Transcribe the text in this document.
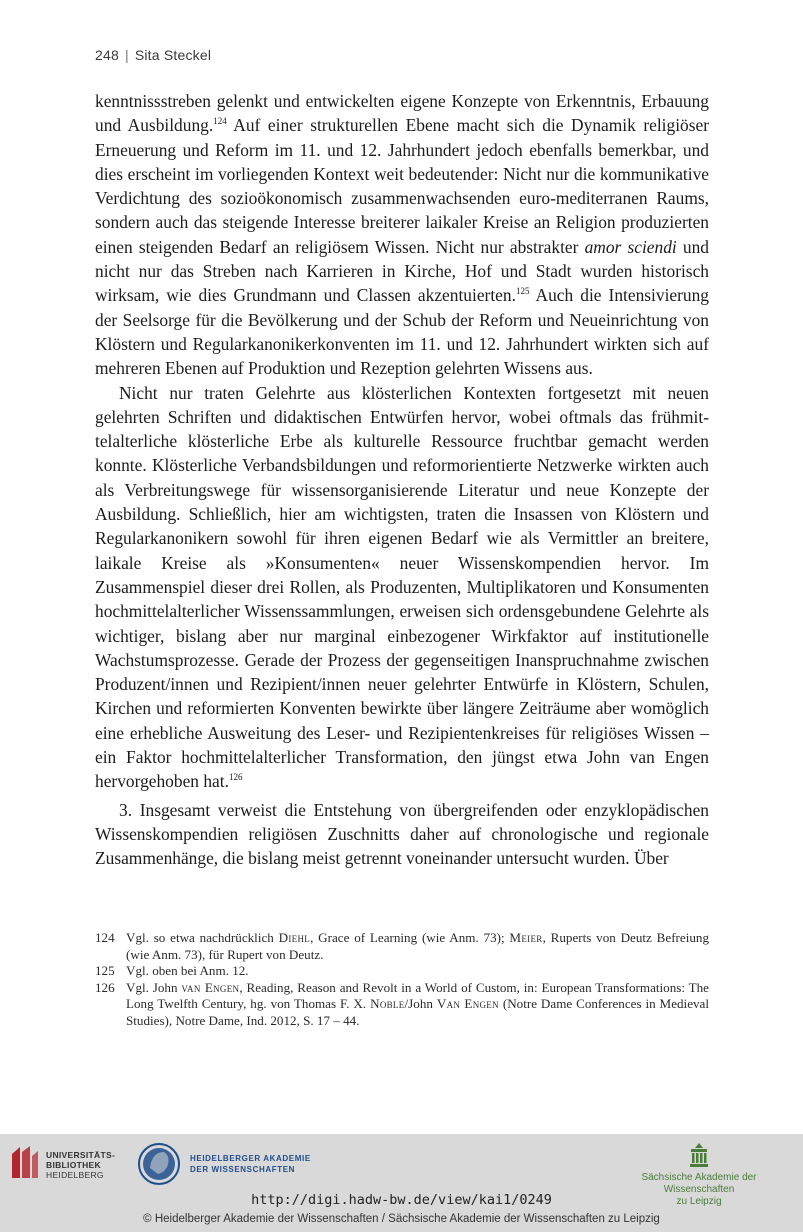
248 | Sita Steckel

kenntnissstreben gelenkt und entwickelten eigene Konzepte von Erkenntnis, Erbauung und Ausbildung.$^{124}$ Auf einer strukturellen Ebene macht sich die Dynamik religiöser Erneuerung und Reform im 11. und 12. Jahrhundert jedoch ebenfalls bemerkbar, und dies erscheint im vorliegenden Kontext weit bedeutender: Nicht nur die kommunikative Verdichtung des sozioökonomisch zusammenwachsenden euro-mediterranen Raums, sondern auch das steigende Interesse breiterer laikaler Kreise an Religion produzierten einen steigenden Bedarf an religiösem Wissen. Nicht nur abstrakter amor sciendi und nicht nur das Streben nach Karrieren in Kirche, Hof und Stadt wurden historisch wirksam, wie dies Grundmann und Classen akzentuierten.$^{125}$ Auch die Intensivierung der Seelsorge für die Bevölkerung und der Schub der Reform und Neueinrichtung von Klöstern und Regularkanonikerkonventen im 11. und 12. Jahrhundert wirkten sich auf mehreren Ebenen auf Produktion und Rezeption gelehrten Wissens aus.

Nicht nur traten Gelehrte aus klösterlichen Kontexten fortgesetzt mit neuen gelehrten Schriften und didaktischen Entwürfen hervor, wobei oftmals das frühmittelalterliche klösterliche Erbe als kulturelle Ressource fruchtbar gemacht werden konnte. Klösterliche Verbandsbildungen und reformorientierte Netzwerke wirkten auch als Verbreitungswege für wissensorganisierende Literatur und neue Konzepte der Ausbildung. Schließlich, hier am wichtigsten, traten die Insassen von Klöstern und Regularkanonikern sowohl für ihren eigenen Bedarf wie als Vermittler an breitere, laikale Kreise als »Konsumenten« neuer Wissenskompendien hervor. Im Zusammenspiel dieser drei Rollen, als Produzenten, Multiplikatoren und Konsumenten hochmittelalterlicher Wissenssammlungen, erweisen sich ordensgebundene Gelehrte als wichtiger, bislang aber nur marginal einbezogener Wirkfaktor auf institutionelle Wachstumsprozesse. Gerade der Prozess der gegenseitigen Inanspruchnahme zwischen Produzent/innen und Rezipient/innen neuer gelehrter Entwürfe in Klöstern, Schulen, Kirchen und reformierten Konventen bewirkte über längere Zeiträume aber womöglich eine erhebliche Ausweitung des Leser- und Rezipientenkreises für religiöses Wissen – ein Faktor hochmittelalterlicher Transformation, den jüngst etwa John van Engen hervorgehoben hat.$^{126}$

3. Insgesamt verweist die Entstehung von übergreifenden oder enzyklopädischen Wissenskompendien religiösen Zuschnitts daher auf chronologische und regionale Zusammenhänge, die bislang meist getrennt voneinander untersucht wurden. Über

124 Vgl. so etwa nachdrücklich Diehl, Grace of Learning (wie Anm. 73); Meier, Ruperts von Deutz Befreiung (wie Anm. 73), für Rupert von Deutz.
125 Vgl. oben bei Anm. 12.
126 Vgl. John van Engen, Reading, Reason and Revolt in a World of Custom, in: European Transformations: The Long Twelfth Century, hg. von Thomas F. X. Noble/John Van Engen (Notre Dame Conferences in Medieval Studies), Notre Dame, Ind. 2012, S. 17 – 44.
UNIVERSITÄTS-
BIBLIOTHEK
HEIDELBERG
HEIDELBERGER AKADEMIE
DER WISSENSCHAFTEN
Sächsische Akademie der Wissenschaften
zu Leipzig
http://digi.hadw-bw.de/view/kai1/0249
© Heidelberger Akademie der Wissenschaften / Sächsische Akademie der Wissenschaften zu Leipzig
